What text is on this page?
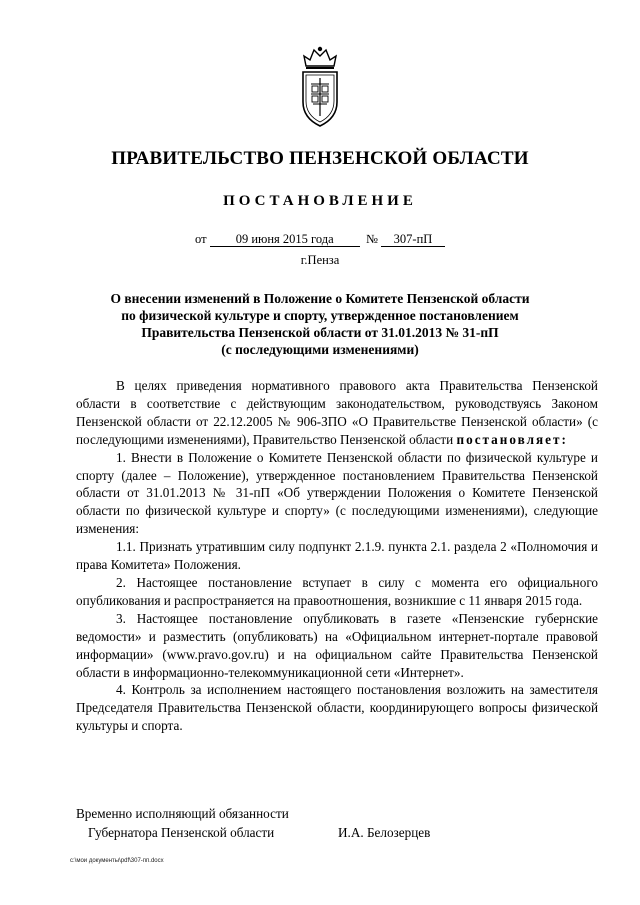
ПРАВИТЕЛЬСТВО ПЕНЗЕНСКОЙ ОБЛАСТИ
ПОСТАНОВЛЕНИЕ
от 09 июня 2015 года	№ 307-пП
г.Пенза
О внесении изменений в Положение о Комитете Пензенской области
по физической культуре и спорту, утвержденное постановлением
Правительства Пензенской области от 31.01.2013 № 31-пП
(с последующими изменениями)

В целях приведения нормативного правового акта Правительства Пензенской области в соответствие с действующим законодательством, руководствуясь Законом Пензенской области от 22.12.2005 № 906-ЗПО «О Правительстве Пензенской области» (с последующими изменениями), Правительство Пензенской области постановляет:

1. Внести в Положение о Комитете Пензенской области по физической культуре и спорту (далее – Положение), утвержденное постановлением Правительства Пензенской области от 31.01.2013 № 31-пП «Об утверждении Положения о Комитете Пензенской области по физической культуре и спорту» (с последующими изменениями), следующие изменения:

1.1. Признать утратившим силу подпункт 2.1.9. пункта 2.1. раздела 2 «Полномочия и права Комитета» Положения.

2. Настоящее постановление вступает в силу с момента его официального опубликования и распространяется на правоотношения, возникшие с 11 января 2015 года.

3. Настоящее постановление опубликовать в газете «Пензенские губернские ведомости» и разместить (опубликовать) на «Официальном интернет-портале правовой информации» (www.pravo.gov.ru) и на официальном сайте Правительства Пензенской области в информационно-телекоммуникационной сети «Интернет».

4. Контроль за исполнением настоящего постановления возложить на заместителя Председателя Правительства Пензенской области, координирующего вопросы физической культуры и спорта.

Временно исполняющий обязанности
Губернатора Пензенской области	И.А. Белозерцев
c:\мои документы\pdf\307-пп.docx
